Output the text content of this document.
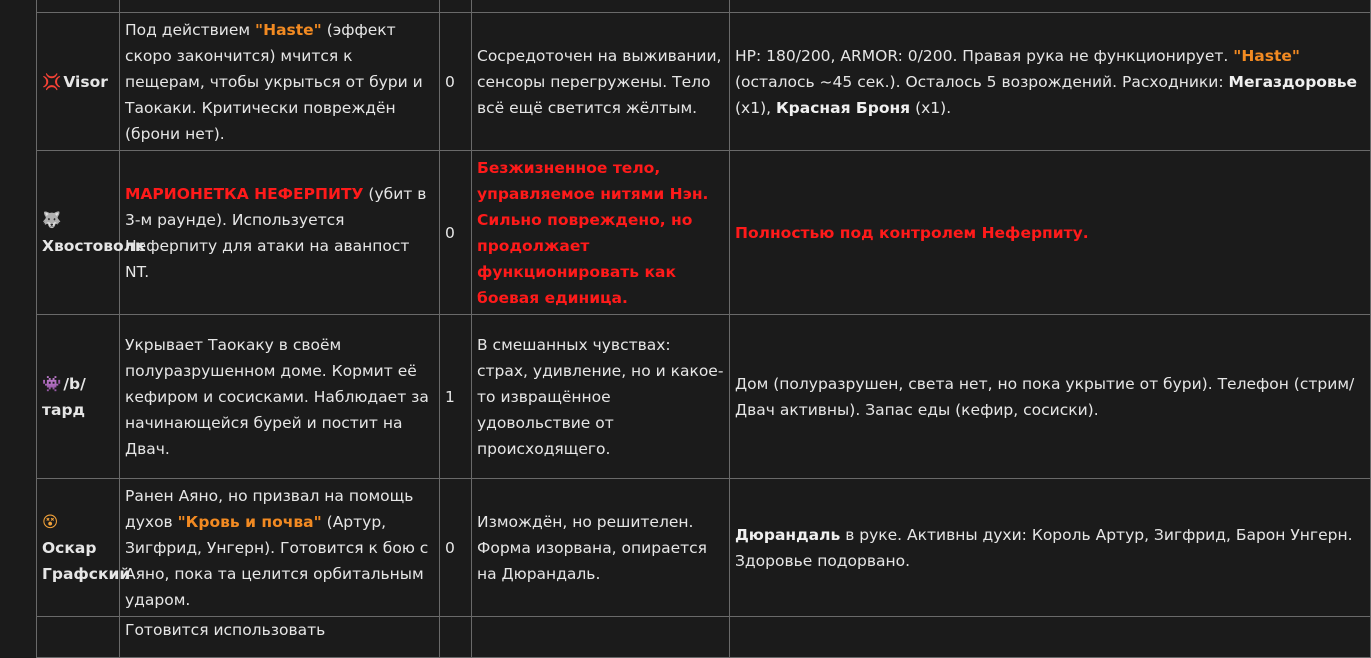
💢 Visor	Под действием "Haste" (эффект скоро закончится) мчится к пещерам, чтобы укрыться от бури и Таокаки. Критически повреждён (брони нет).	0	Сосредоточен на выживании, сенсоры перегружены. Тело всё ещё светится жёлтым.	HP: 180/200, ARMOR: 0/200. Правая рука не функционирует. "Haste" (осталось ~45 сек.). Осталось 5 возрождений. Расходники: Мегаздоровье (x1), Красная Броня (x1).
🐺
Хвостоволк	МАРИОНЕТКА НЕФЕРПИТУ (убит в 3-м раунде). Используется Неферпиту для атаки на аванпост NT.	0	Безжизненное тело, управляемое нитями Нэн. Сильно повреждено, но продолжает функционировать как боевая единица.	Полностью под контролем Неферпиту.
👾 /b/тард	Укрывает Таокаку в своём полуразрушенном доме. Кормит её кефиром и сосисками. Наблюдает за начинающейся бурей и постит на Двач.	1	В смешанных чувствах: страх, удивление, но и какое-то извращённое удовольствие от происходящего.	Дом (полуразрушен, света нет, но пока укрытие от бури). Телефон (стрим/Двач активны). Запас еды (кефир, сосиски).
😵
Оскар Графский	Ранен Аяно, но призвал на помощь духов "Кровь и почва" (Артур, Зигфрид, Унгерн). Готовится к бою с Аяно, пока та целится орбитальным ударом.	0	Измождён, но решителен. Форма изорвана, опирается на Дюрандаль.	Дюрандаль в руке. Активны духи: Король Артур, Зигфрид, Барон Унгерн. Здоровье подорвано.
	Готовится использовать			
